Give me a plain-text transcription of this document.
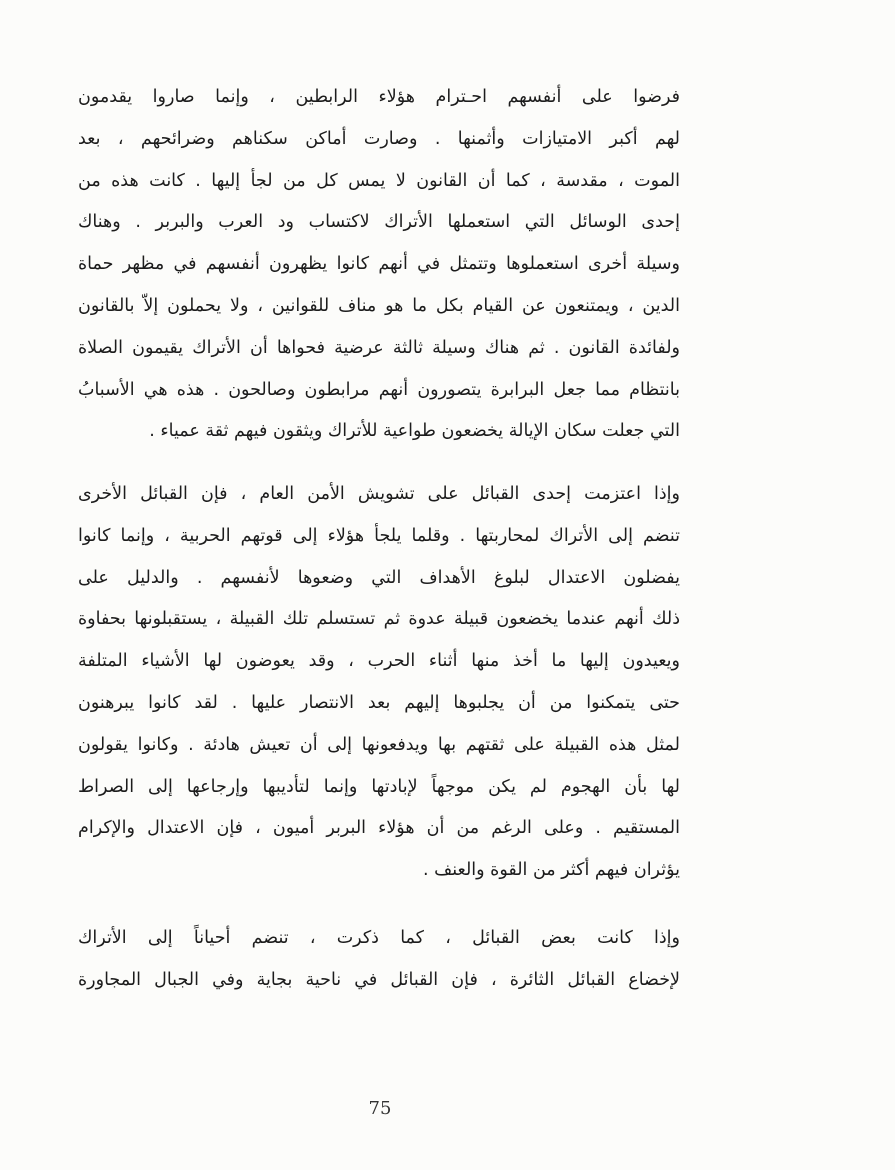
فرضوا على أنفسهم احـترام هؤلاء الرابطين ، وإنما صاروا يقدمون
لهم أكبر الامتيازات وأثمنها . وصارت أماكن سكناهم وضرائحهم ، بعد
الموت ، مقدسة ، كما أن القانون لا يمس كل من لجأ إليها . كانت هذه من
إحدى الوسائل التي استعملها الأتراك لاكتساب ود العرب والبربر . وهناك
وسيلة أخرى استعملوها وتتمثل في أنهم كانوا يظهرون أنفسهم في مظهر حماة
الدين ، ويمتنعون عن القيام بكل ما هو مناف للقوانين ، ولا يحملون إلاّ بالقانون
ولفائدة القانون . ثم هناك وسيلة ثالثة عرضية فحواها أن الأتراك يقيمون الصلاة
بانتظام مما جعل البرابرة يتصورون أنهم مرابطون وصالحون . هذه هي الأسبابُ
التي جعلت سكان الإيالة يخضعون طواعية للأتراك ويثقون فيهم ثقة عمياء .
وإذا اعتزمت إحدى القبائل على تشويش الأمن العام ، فإن القبائل الأخرى
تنضم إلى الأتراك لمحاربتها . وقلما يلجأ هؤلاء إلى قوتهم الحربية ، وإنما كانوا
يفضلون الاعتدال لبلوغ الأهداف التي وضعوها لأنفسهم . والدليل على
ذلك أنهم عندما يخضعون قبيلة عدوة ثم تستسلم تلك القبيلة ، يستقبلونها بحفاوة
ويعيدون إليها ما أخذ منها أثناء الحرب ، وقد يعوضون لها الأشياء المتلفة
حتى يتمكنوا من أن يجلبوها إليهم بعد الانتصار عليها . لقد كانوا يبرهنون
لمثل هذه القبيلة على ثقتهم بها ويدفعونها إلى أن تعيش هادئة . وكانوا يقولون
لها بأن الهجوم لم يكن موجهاً لإبادتها وإنما لتأديبها وإرجاعها إلى الصراط
المستقيم . وعلى الرغم من أن هؤلاء البربر أميون ، فإن الاعتدال والإكرام
يؤثران فيهم أكثر من القوة والعنف .
وإذا كانت بعض القبائل ، كما ذكرت ، تنضم أحياناً إلى الأتراك
لإخضاع القبائل الثائرة ، فإن القبائل في ناحية بجاية وفي الجبال المجاورة
75
